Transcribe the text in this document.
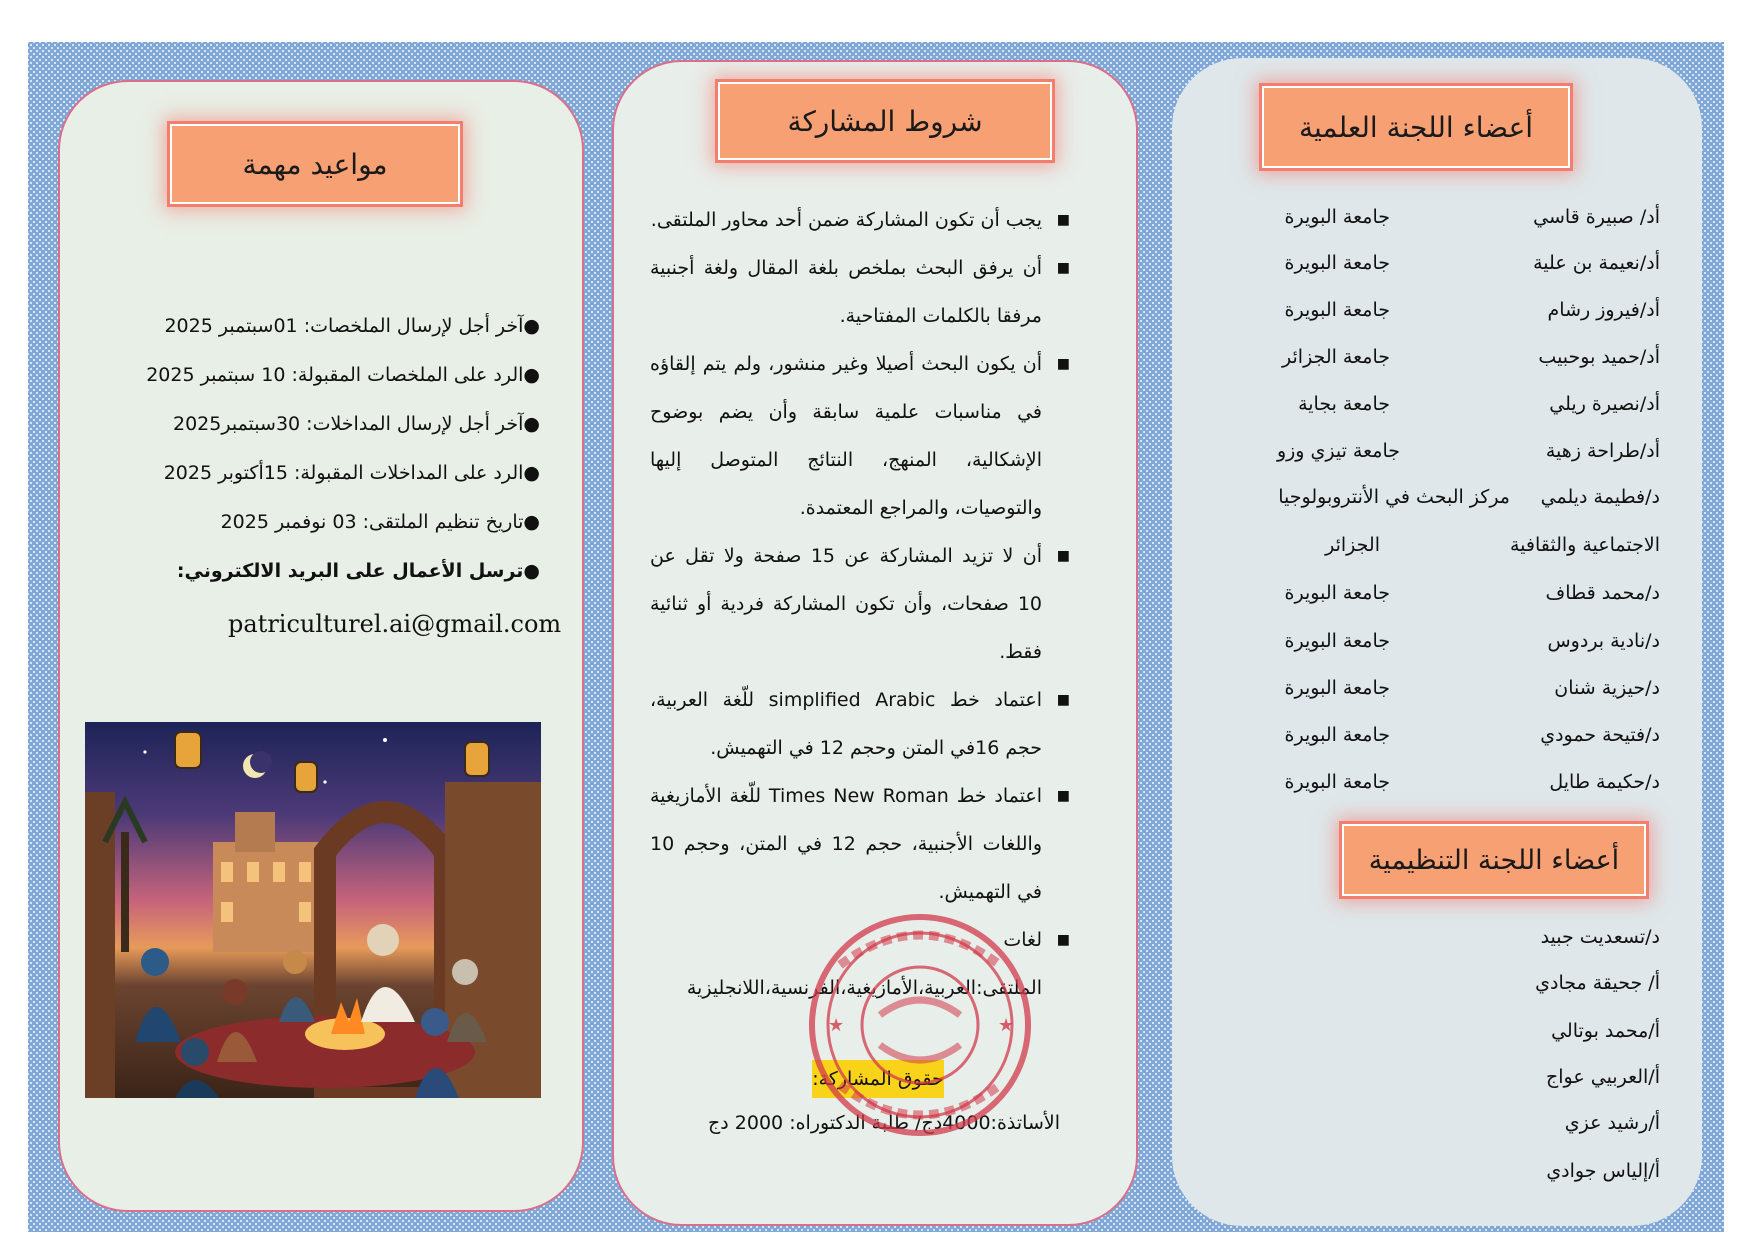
مواعيد مهمة
●آخر أجل لإرسال الملخصات: 01سبتمبر 2025
●الرد على الملخصات المقبولة: 10 سبتمبر 2025
●آخر أجل لإرسال المداخلات: 30سبتمبر2025
●الرد على المداخلات المقبولة: 15أكتوبر 2025
●تاريخ تنظيم الملتقى: 03 نوفمبر 2025
●ترسل الأعمال على البريد الالكتروني:
patriculturel.ai@gmail.com
شروط المشاركة
■
يجب أن تكون المشاركة ضمن أحد محاور الملتقى.
■
أن يرفق البحث بملخص بلغة المقال ولغة أجنبية مرفقا بالكلمات المفتاحية.
■
أن يكون البحث أصيلا وغير منشور، ولم يتم إلقاؤه في مناسبات علمية سابقة وأن يضم بوضوح الإشكالية، المنهج، النتائج المتوصل إليها والتوصيات، والمراجع المعتمدة.
■
أن لا تزيد المشاركة عن 15 صفحة ولا تقل عن 10 صفحات، وأن تكون المشاركة فردية أو ثنائية فقط.
■
اعتماد خط simplified Arabic للّغة العربية، حجم 16في المتن وحجم 12 في التهميش.
■
اعتماد خط Times New Roman للّغة الأمازيغية واللغات الأجنبية، حجم 12 في المتن، وحجم 10 في التهميش.
■
لغات الملتقى:العربية،الأمازيغية،الفرنسية،اللانجليزية
حقوق المشاركة:
الأساتذة:4000دج/ طلبة الدكتوراه: 2000 دج
★	★
أعضاء اللجنة العلمية
أد/ صبيرة قاسي
جامعة البويرة
أد/نعيمة بن علية
جامعة البويرة
أد/فيروز رشام
جامعة البويرة
أد/حميد بوحبيب
جامعة الجزائر
أد/نصيرة ريلي
جامعة بجاية
أد/طراحة زهية
جامعة تيزي وزو
د/فطيمة ديلمي
مركز البحث في الأنتروبولوجيا
الاجتماعية والثقافية
الجزائر
د/محمد قطاف
جامعة البويرة
د/نادية بردوس
جامعة البويرة
د/حيزية شنان
جامعة البويرة
د/فتيحة حمودي
جامعة البويرة
د/حكيمة طايل
جامعة البويرة
أعضاء اللجنة التنظيمية
د/تسعديت جبيد
أ/ جحيقة مجادي
أ/محمد بوتالي
أ/العربيي عواج
أ/رشيد عزي
أ/إلياس جوادي
